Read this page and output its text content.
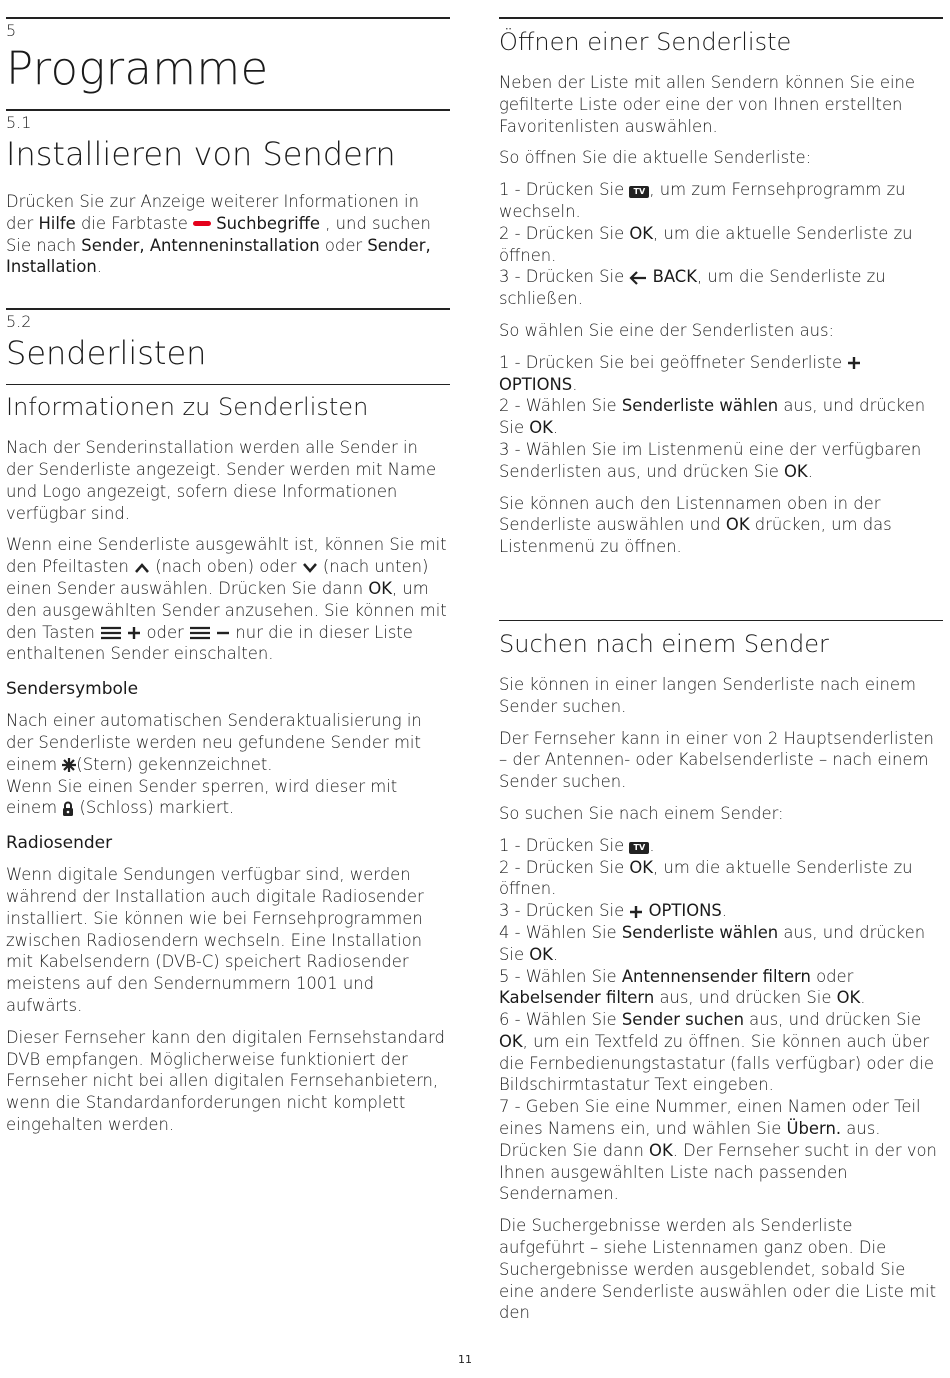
5
Programme
5.1
Installieren von Sendern

Drücken Sie zur Anzeige weiterer Informationen in der Hilfe die Farbtaste  Suchbegriffe , und suchen Sie nach Sender, Antenneninstallation oder Sender, Installation.

5.2
Senderlisten
Informationen zu Senderlisten

Nach der Senderinstallation werden alle Sender in der Senderliste angezeigt. Sender werden mit Name und Logo angezeigt, sofern diese Informationen verfügbar sind.

Wenn eine Senderliste ausgewählt ist, können Sie mit den Pfeiltasten  (nach oben) oder  (nach unten) einen Sender auswählen. Drücken Sie dann OK, um den ausgewählten Sender anzusehen. Sie können mit den Tasten	oder	nur die in dieser Liste enthaltenen Sender einschalten.

Sendersymbole

Nach einer automatischen Senderaktualisierung in der Senderliste werden neu gefundene Sender mit einem (Stern) gekennzeichnet.
Wenn Sie einen Sender sperren, wird dieser mit einem  (Schloss) markiert.

Radiosender

Wenn digitale Sendungen verfügbar sind, werden während der Installation auch digitale Radiosender installiert. Sie können wie bei Fernsehprogrammen zwischen Radiosendern wechseln. Eine Installation mit Kabelsendern (DVB-C) speichert Radiosender meistens auf den Sendernummern 1001 und aufwärts.

Dieser Fernseher kann den digitalen Fernsehstandard DVB empfangen. Möglicherweise funktioniert der Fernseher nicht bei allen digitalen Fernsehanbietern, wenn die Standardanforderungen nicht komplett eingehalten werden.

Öffnen einer Senderliste

Neben der Liste mit allen Sendern können Sie eine gefilterte Liste oder eine der von Ihnen erstellten Favoritenlisten auswählen.

So öffnen Sie die aktuelle Senderliste:

1 - Drücken Sie TV , um zum Fernsehprogramm zu wechseln.
2 - Drücken Sie OK, um die aktuelle Senderliste zu öffnen.
3 - Drücken Sie  BACK, um die Senderliste zu schließen.

So wählen Sie eine der Senderlisten aus:

1 - Drücken Sie bei geöffneter Senderliste  OPTIONS.
2 - Wählen Sie Senderliste wählen aus, und drücken Sie OK.
3 - Wählen Sie im Listenmenü eine der verfügbaren Senderlisten aus, und drücken Sie OK.

Sie können auch den Listennamen oben in der Senderliste auswählen und OK drücken, um das Listenmenü zu öffnen.

Suchen nach einem Sender

Sie können in einer langen Senderliste nach einem Sender suchen.

Der Fernseher kann in einer von 2 Hauptsenderlisten – der Antennen- oder Kabelsenderliste – nach einem Sender suchen.

So suchen Sie nach einem Sender:

1 - Drücken Sie TV .
2 - Drücken Sie OK, um die aktuelle Senderliste zu öffnen.
3 - Drücken Sie  OPTIONS.
4 - Wählen Sie Senderliste wählen aus, und drücken Sie OK.
5 - Wählen Sie Antennensender filtern oder Kabelsender filtern aus, und drücken Sie OK.
6 - Wählen Sie Sender suchen aus, und drücken Sie OK, um ein Textfeld zu öffnen. Sie können auch über die Fernbedienungstastatur (falls verfügbar) oder die Bildschirmtastatur Text eingeben.
7 - Geben Sie eine Nummer, einen Namen oder Teil eines Namens ein, und wählen Sie Übern. aus. Drücken Sie dann OK. Der Fernseher sucht in der von Ihnen ausgewählten Liste nach passenden Sendernamen.

Die Suchergebnisse werden als Senderliste aufgeführt – siehe Listennamen ganz oben. Die Suchergebnisse werden ausgeblendet, sobald Sie eine andere Senderliste auswählen oder die Liste mit den

11
